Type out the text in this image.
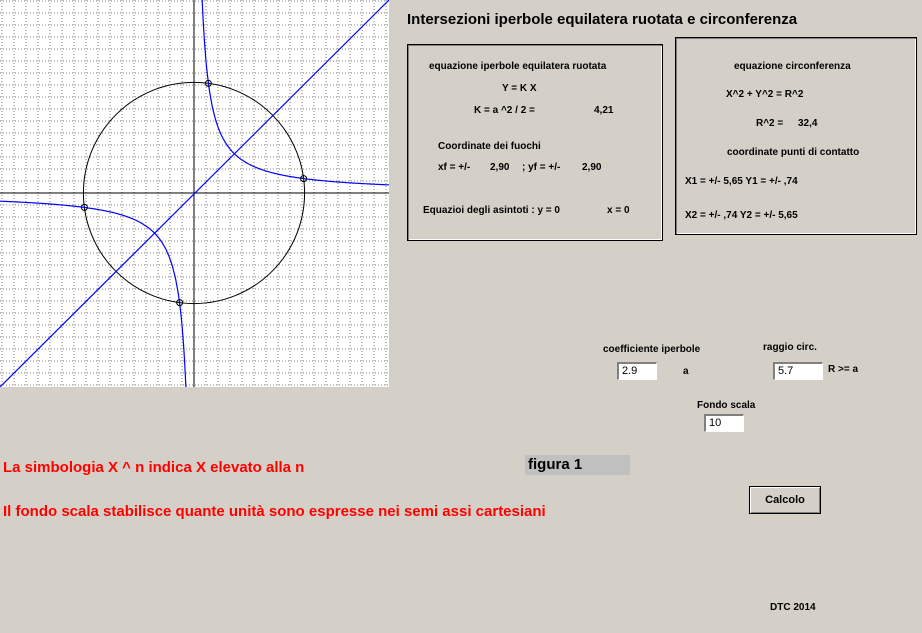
Intersezioni iperbole equilatera ruotata e circonferenza
equazione iperbole equilatera ruotata
Y = K X
K = a ^2 / 2 =	4,21
Coordinate dei fuochi
xf = +/- 2,90 ; yf = +/- 2,90
Equazioi degli asintoti : y = 0	x = 0
equazione circonferenza
X^2 + Y^2 = R^2
R^2 = 32,4
coordinate punti di contatto
X1 = +/- 5,65 Y1 = +/- ,74
X2 = +/- ,74 Y2 = +/- 5,65
coefficiente iperbole
2.9	a
raggio circ.
5.7	R >= a
Fondo scala
10
figura 1
La simbologia X ^ n indica X elevato alla n
Il fondo scala stabilisce quante unità sono espresse nei semi assi cartesiani
Calcolo
DTC 2014
